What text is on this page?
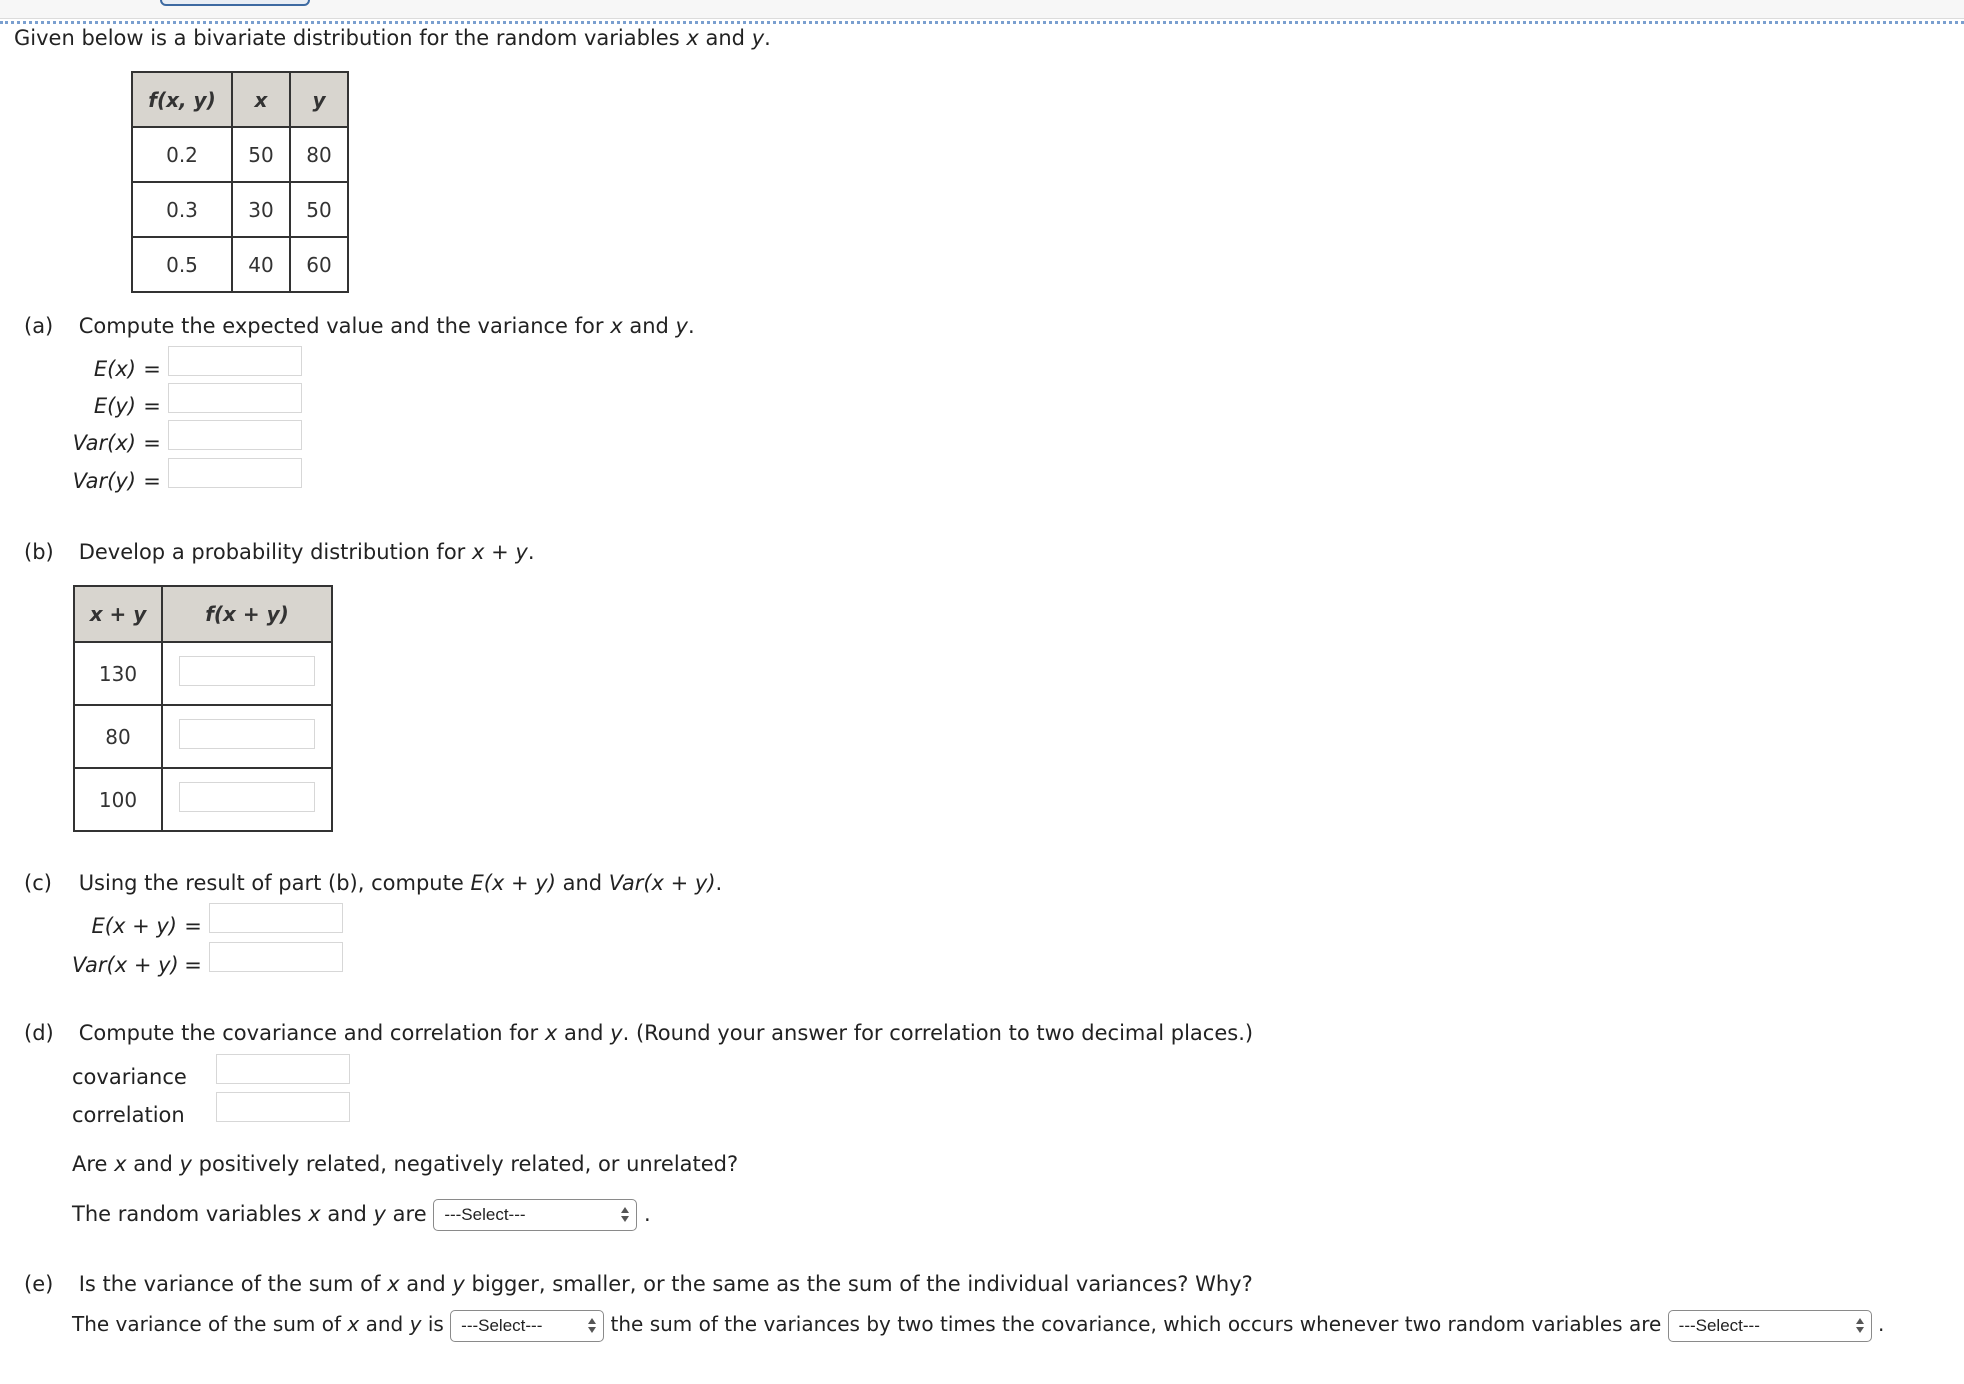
Given below is a bivariate distribution for the random variables x and y.
f(x, y)	x	y
0.2	50	80
0.3	30	50
0.5	40	60
(a) Compute the expected value and the variance for x and y.
E(x) =
E(y) =
Var(x) =
Var(y) =
(b) Develop a probability distribution for x + y.
x + y	f(x + y)
130	
80	
100	
(c) Using the result of part (b), compute E(x + y) and Var(x + y).
E(x + y) =
Var(x + y) =
(d) Compute the covariance and correlation for x and y. (Round your answer for correlation to two decimal places.)
covariance
correlation
Are x and y positively related, negatively related, or unrelated?
The random variables x and y are ---Select---	.
(e) Is the variance of the sum of x and y bigger, smaller, or the same as the sum of the individual variances? Why?
The variance of the sum of x and y is ---Select---	the sum of the variances by two times the covariance, which occurs whenever two random variables are ---Select---	.
